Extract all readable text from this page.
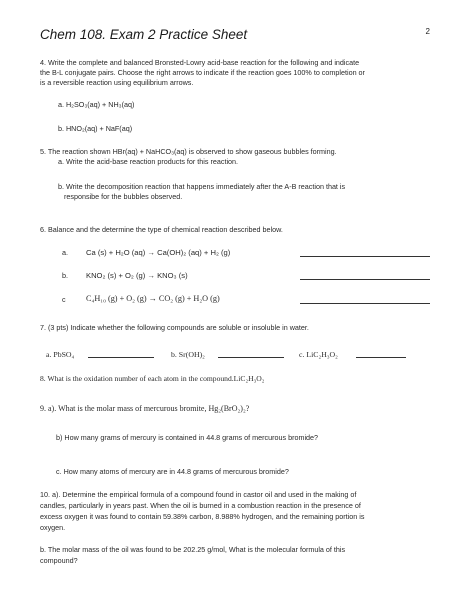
Chem 108. Exam 2 Practice Sheet	2
4. Write the complete and balanced Bronsted-Lowry acid-base reaction for the following and indicate
the B-L conjugate pairs. Choose the right arrows to indicate if the reaction goes 100% to completion or
is a reversible reaction using equilibrium arrows.
a. H₂SO₃(aq) + NH₃(aq)
b. HNO₂(aq) + NaF(aq)
5. The reaction shown HBr(aq) + NaHCO₃(aq) is observed to show gaseous bubbles forming.
a. Write the acid-base reaction products for this reaction.
b. Write the decomposition reaction that happens immediately after the A-B reaction that is
responsibe for the bubbles observed.
6. Balance and the determine the type of chemical reaction described below.
a. Ca (s) + H₂O (aq) → Ca(OH)₂ (aq) + H₂ (g)
b. KNO₂ (s) + O₂ (g) → KNO₃ (s)
c C₄H₁₀ (g) + O₂ (g) → CO₂ (g) + H₂O (g)
7. (3 pts) Indicate whether the following compounds are soluble or insoluble in water.
a. PbSO₄	b. Sr(OH)₂	c. LiC₂H₃O₂
8. What is the oxidation number of each atom in the compound.LiC₂H₃O₂
9. a). What is the molar mass of mercurous bromite, Hg₂(BrO₂)₂?
b) How many grams of mercury is contained in 44.8 grams of mercurous bromide?
c. How many atoms of mercury are in 44.8 grams of mercurous bromide?
10. a). Determine the empirical formula of a compound found in castor oil and used in the making of
candles, particularly in years past. When the oil is burned in a combustion reaction in the presence of
excess oxygen it was found to contain 59.38% carbon, 8.988% hydrogen, and the remaining portion is
oxygen.
b. The molar mass of the oil was found to be 202.25 g/mol, What is the molecular formula of this
compound?
